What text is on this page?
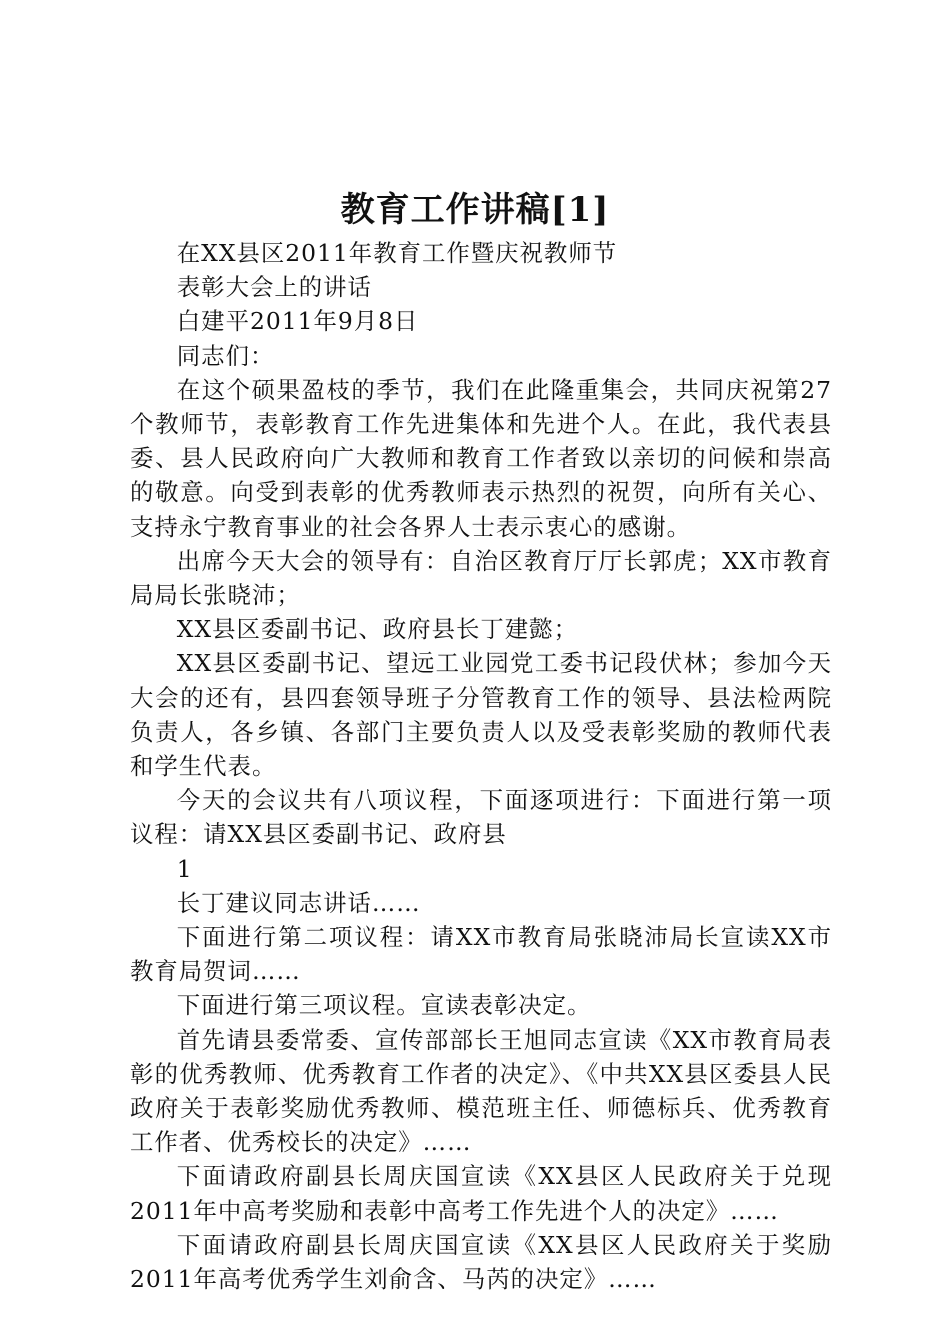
教育工作讲稿[1]

在XX县区2011年教育工作暨庆祝教师节

表彰大会上的讲话

白建平2011年9月8日

同志们：

在这个硕果盈枝的季节，我们在此隆重集会，共同庆祝第27个教师节，表彰教育工作先进集体和先进个人。在此，我代表县委、县人民政府向广大教师和教育工作者致以亲切的问候和崇高的敬意。向受到表彰的优秀教师表示热烈的祝贺，向所有关心、支持永宁教育事业的社会各界人士表示衷心的感谢。

出席今天大会的领导有：自治区教育厅厅长郭虎；XX市教育局局长张晓沛；

XX县区委副书记、政府县长丁建懿；

XX县区委副书记、望远工业园党工委书记段伏林；参加今天大会的还有，县四套领导班子分管教育工作的领导、县法检两院负责人，各乡镇、各部门主要负责人以及受表彰奖励的教师代表和学生代表。

今天的会议共有八项议程，下面逐项进行：下面进行第一项议程：请XX县区委副书记、政府县

1

长丁建议同志讲话……

下面进行第二项议程：请XX市教育局张晓沛局长宣读XX市教育局贺词……

下面进行第三项议程。宣读表彰决定。

首先请县委常委、宣传部部长王旭同志宣读《XX市教育局表彰的优秀教师、优秀教育工作者的决定》、《中共XX县区委县人民政府关于表彰奖励优秀教师、模范班主任、师德标兵、优秀教育工作者、优秀校长的决定》……

下面请政府副县长周庆国宣读《XX县区人民政府关于兑现2011年中高考奖励和表彰中高考工作先进个人的决定》……

下面请政府副县长周庆国宣读《XX县区人民政府关于奖励2011年高考优秀学生刘俞含、马芮的决定》……
